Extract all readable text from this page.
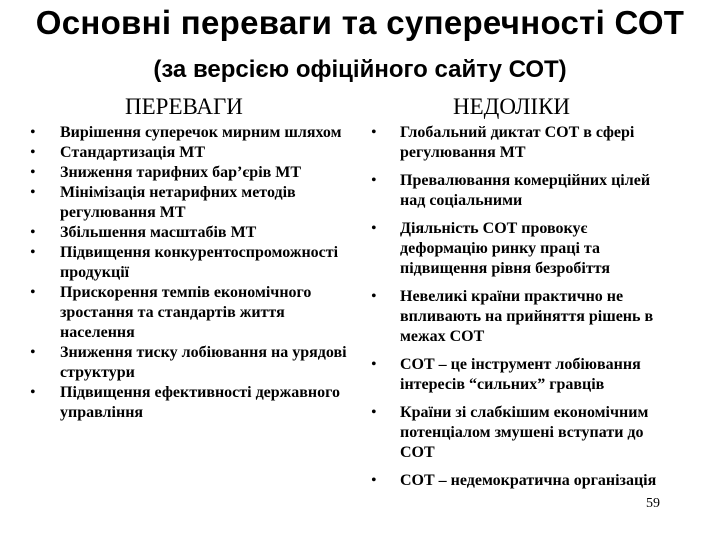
Основні переваги та суперечності СОТ
(за версією офіційного сайту СОТ)
ПЕРЕВАГИ	НЕДОЛІКИ
• Вирішення суперечок мирним шляхом
• Стандартизація МТ
• Зниження тарифних бар’єрів МТ
• Мінімізація нетарифних методів регулювання МТ
• Збільшення масштабів МТ
• Підвищення конкурентоспроможності продукції
• Прискорення темпів економічного зростання та стандартів життя населення
• Зниження тиску лобіювання на урядові структури
• Підвищення ефективності державного управління
• Глобальний диктат СОТ в сфері регулювання МТ
• Превалювання комерційних цілей над соціальними
• Діяльність СОТ провокує деформацію ринку праці та підвищення рівня безробіття
• Невеликі країни практично не впливають на прийняття рішень в межах СОТ
• СОТ – це інструмент лобіювання інтересів “сильних” гравців
• Країни зі слабкішим економічним потенціалом змушені вступати до СОТ
• СОТ – недемократична організація
59
